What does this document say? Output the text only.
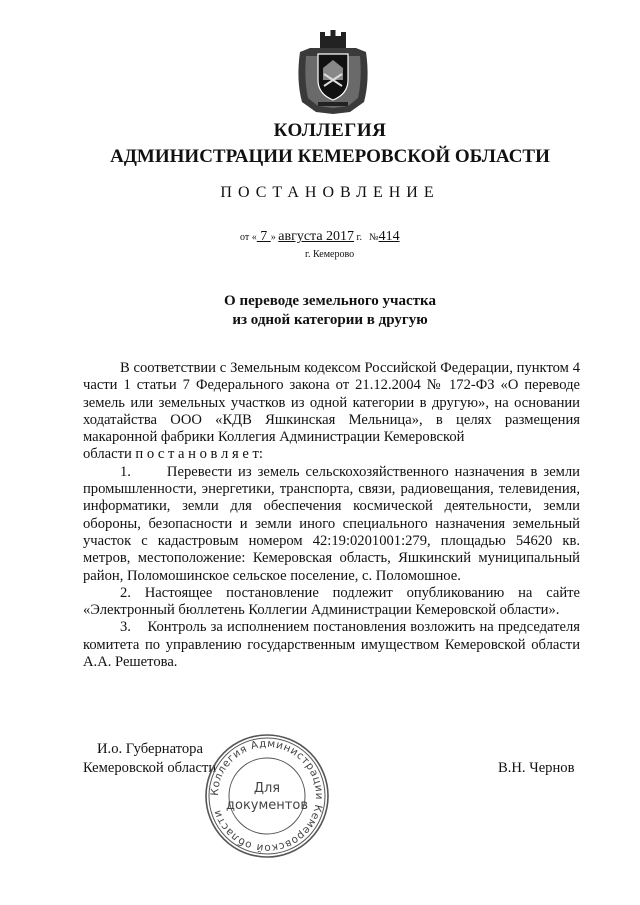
КОЛЛЕГИЯ
АДМИНИСТРАЦИИ КЕМЕРОВСКОЙ ОБЛАСТИ
ПОСТАНОВЛЕНИЕ
от « 7 » августа 2017 г. №414
г. Кемерово
О переводе земельного участка
из одной категории в другую

В соответствии с Земельным кодексом Российской Федерации, пунктом 4 части 1 статьи 7 Федерального закона от 21.12.2004 № 172-ФЗ «О переводе земель или земельных участков из одной категории в другую», на основании ходатайства ООО «КДВ Яшкинская Мельница», в целях размещения макаронной фабрики Коллегия Администрации Кемеровской

области п о с т а н о в л я е т:

1.      Перевести из земель сельскохозяйственного назначения в земли промышленности, энергетики, транспорта, связи, радиовещания, телевидения, информатики, земли для обеспечения космической деятельности, земли обороны, безопасности и земли иного специального назначения земельный участок с кадастровым номером 42:19:0201001:279, площадью 54620 кв. метров, местоположение: Кемеровская область, Яшкинский муниципальный район, Поломошинское сельское поселение, с. Поломошное.

2. Настоящее постановление подлежит опубликованию на сайте «Электронный бюллетень Коллегии Администрации Кемеровской области».

3.    Контроль за исполнением постановления возложить на председателя комитета по управлению государственным имуществом Кемеровской области А.А. Решетова.

И.о. Губернатора
Кемеровской области	В.Н. Чернов
Коллегия Администрации Кемеровской области
Для
документов
